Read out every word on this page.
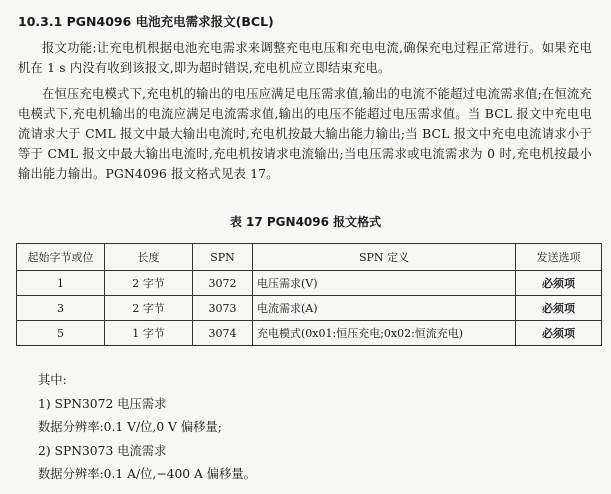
10.3.1 PGN4096 电池充电需求报文(BCL)
报文功能:让充电机根据电池充电需求来调整充电电压和充电电流,确保充电过程正常进行。如果充电机在 1 s 内没有收到该报文,即为超时错误,充电机应立即结束充电。
在恒压充电模式下,充电机的输出的电压应满足电压需求值,输出的电流不能超过电流需求值;在恒流充电模式下,充电机输出的电流应满足电流需求值,输出的电压不能超过电压需求值。当 BCL 报文中充电电流请求大于 CML 报文中最大输出电流时,充电机按最大输出能力输出;当 BCL 报文中充电电流请求小于等于 CML 报文中最大输出电流时,充电机按请求电流输出;当电压需求或电流需求为 0 时,充电机按最小输出能力输出。PGN4096 报文格式见表 17。
表 17 PGN4096 报文格式
起始字节或位	长度	SPN	SPN 定义	发送选项
1	2 字节	3072	电压需求(V)	必须项
3	2 字节	3073	电流需求(A)	必须项
5	1 字节	3074	充电模式(0x01:恒压充电;0x02:恒流充电)	必须项
其中:
1) SPN3072 电压需求
数据分辨率:0.1 V/位,0 V 偏移量;
2) SPN3073 电流需求
数据分辨率:0.1 A/位,−400 A 偏移量。
